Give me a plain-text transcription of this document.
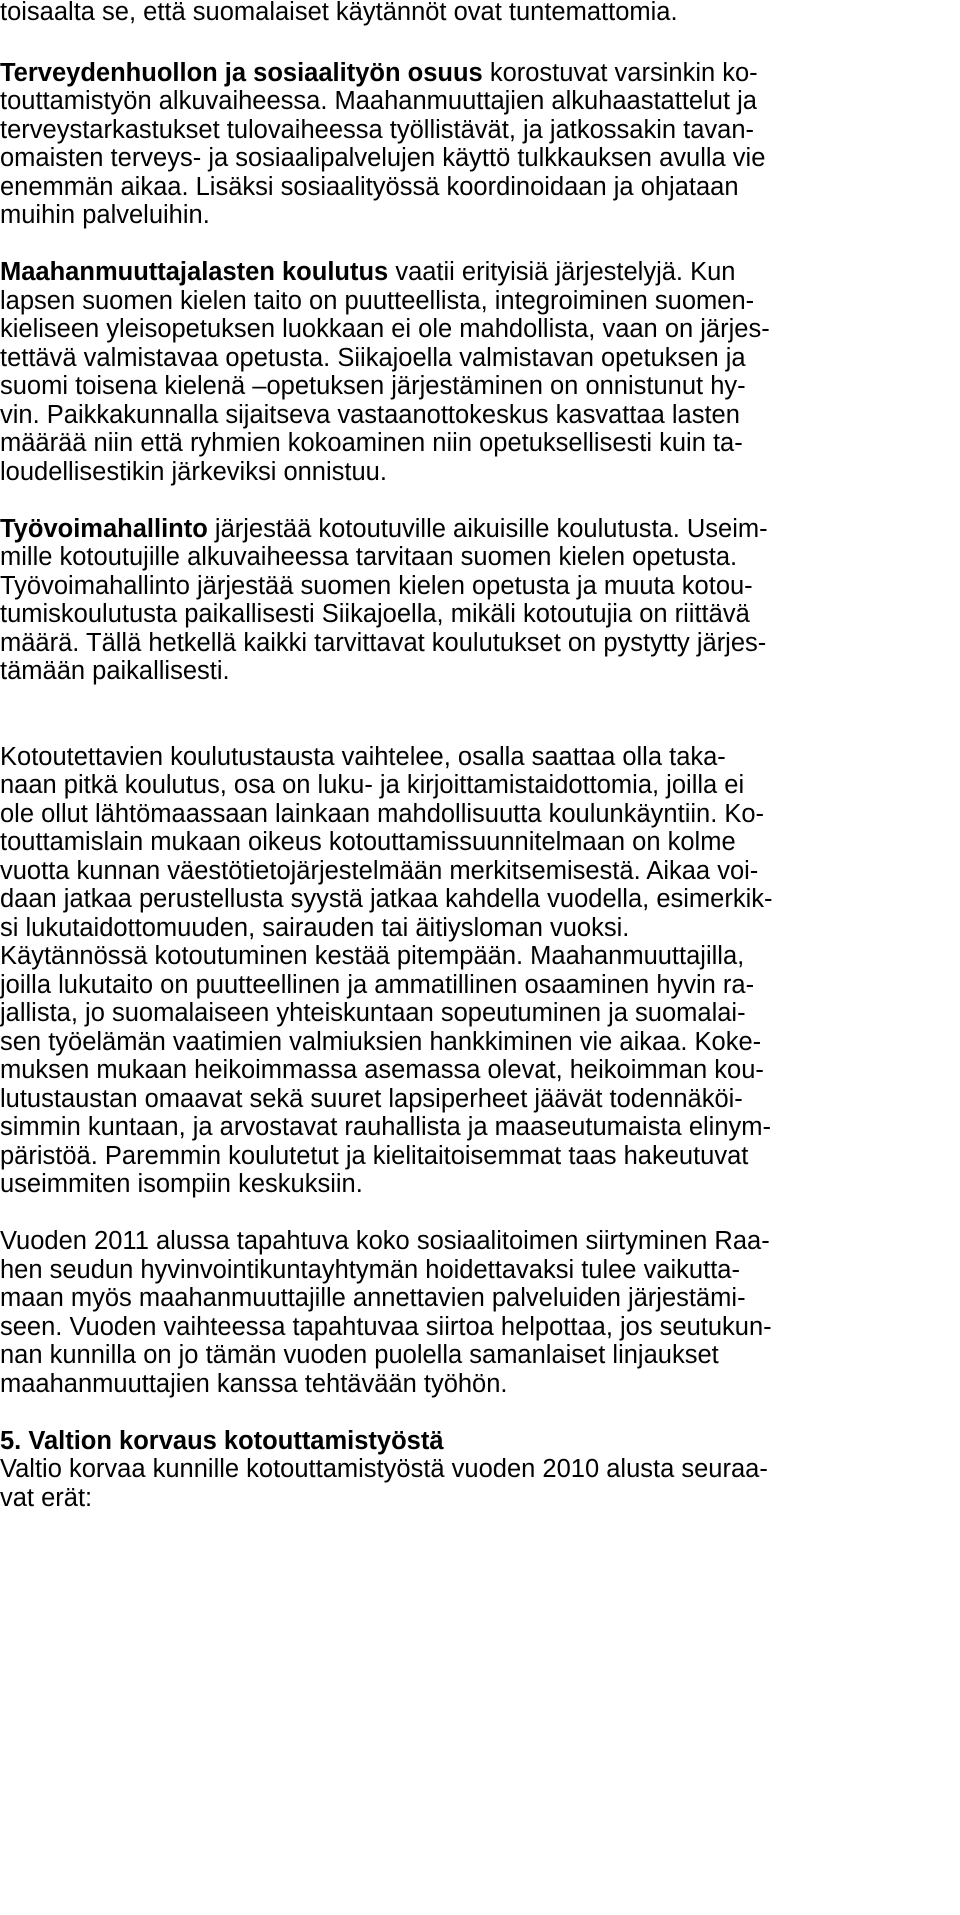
toisaalta se, että suomalaiset käytännöt ovat tuntemattomia.
Terveydenhuollon ja sosiaalityön osuus korostuvat varsinkin ko-
touttamistyön alkuvaiheessa. Maahanmuuttajien alkuhaastattelut ja
terveystarkastukset tulovaiheessa työllistävät, ja jatkossakin tavan-
omaisten terveys- ja sosiaalipalvelujen käyttö tulkkauksen avulla vie
enemmän aikaa. Lisäksi sosiaalityössä koordinoidaan ja ohjataan
muihin palveluihin.
Maahanmuuttajalasten koulutus vaatii erityisiä järjestelyjä. Kun
lapsen suomen kielen taito on puutteellista, integroiminen suomen-
kieliseen yleisopetuksen luokkaan ei ole mahdollista, vaan on järjes-
tettävä valmistavaa opetusta. Siikajoella valmistavan opetuksen ja
suomi toisena kielenä –opetuksen järjestäminen on onnistunut hy-
vin. Paikkakunnalla sijaitseva vastaanottokeskus kasvattaa lasten
määrää niin että ryhmien kokoaminen niin opetuksellisesti kuin ta-
loudellisestikin järkeviksi onnistuu.
Työvoimahallinto järjestää kotoutuville aikuisille koulutusta. Useim-
mille kotoutujille alkuvaiheessa tarvitaan suomen kielen opetusta.
Työvoimahallinto järjestää suomen kielen opetusta ja muuta kotou-
tumiskoulutusta paikallisesti Siikajoella, mikäli kotoutujia on riittävä
määrä. Tällä hetkellä kaikki tarvittavat koulutukset on pystytty järjes-
tämään paikallisesti.
Kotoutettavien koulutustausta vaihtelee, osalla saattaa olla taka-
naan pitkä koulutus, osa on luku- ja kirjoittamistaidottomia, joilla ei
ole ollut lähtömaassaan lainkaan mahdollisuutta koulunkäyntiin. Ko-
touttamislain mukaan oikeus kotouttamissuunnitelmaan on kolme
vuotta kunnan väestötietojärjestelmään merkitsemisestä. Aikaa voi-
daan jatkaa perustellusta syystä jatkaa kahdella vuodella, esimerkik-
si lukutaidottomuuden, sairauden tai äitiysloman vuoksi.
Käytännössä kotoutuminen kestää pitempään. Maahanmuuttajilla,
joilla lukutaito on puutteellinen ja ammatillinen osaaminen hyvin ra-
jallista, jo suomalaiseen yhteiskuntaan sopeutuminen ja suomalai-
sen työelämän vaatimien valmiuksien hankkiminen vie aikaa. Koke-
muksen mukaan heikoimmassa asemassa olevat, heikoimman kou-
lutustaustan omaavat sekä suuret lapsiperheet jäävät todennäköi-
simmin kuntaan, ja arvostavat rauhallista ja maaseutumaista elinym-
päristöä. Paremmin koulutetut ja kielitaitoisemmat taas hakeutuvat
useimmiten isompiin keskuksiin.
Vuoden 2011 alussa tapahtuva koko sosiaalitoimen siirtyminen Raa-
hen seudun hyvinvointikuntayhtymän hoidettavaksi tulee vaikutta-
maan myös maahanmuuttajille annettavien palveluiden järjestämi-
seen. Vuoden vaihteessa tapahtuvaa siirtoa helpottaa, jos seutukun-
nan kunnilla on jo tämän vuoden puolella samanlaiset linjaukset
maahanmuuttajien kanssa tehtävään työhön.
5. Valtion korvaus kotouttamistyöstä
Valtio korvaa kunnille kotouttamistyöstä vuoden 2010 alusta seuraa-
vat erät:
